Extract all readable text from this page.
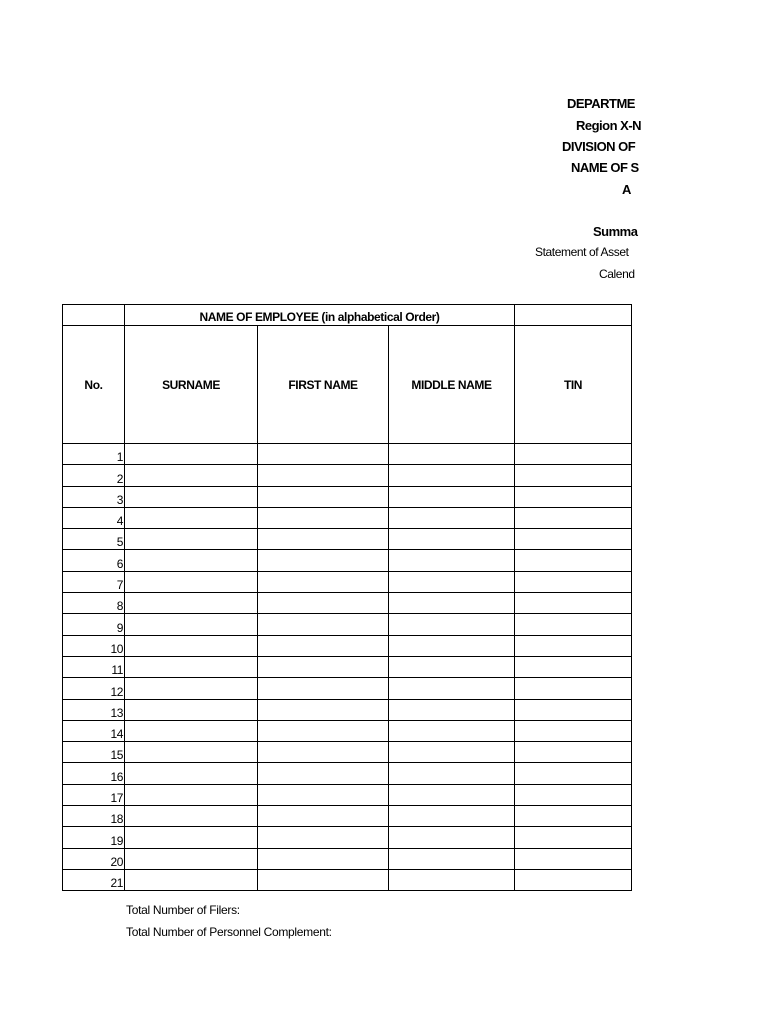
DEPARTME
Region X-N
DIVISION OF
NAME OF S
A
Summa
Statement of Asset
Calend
	NAME OF EMPLOYEE (in alphabetical Order)			
No.	SURNAME	FIRST NAME	MIDDLE NAME	TIN
1				
2				
3				
4				
5				
6				
7				
8				
9				
10				
11				
12				
13				
14				
15				
16				
17				
18				
19				
20				
21				
Total Number of Filers:
Total Number of Personnel Complement:
